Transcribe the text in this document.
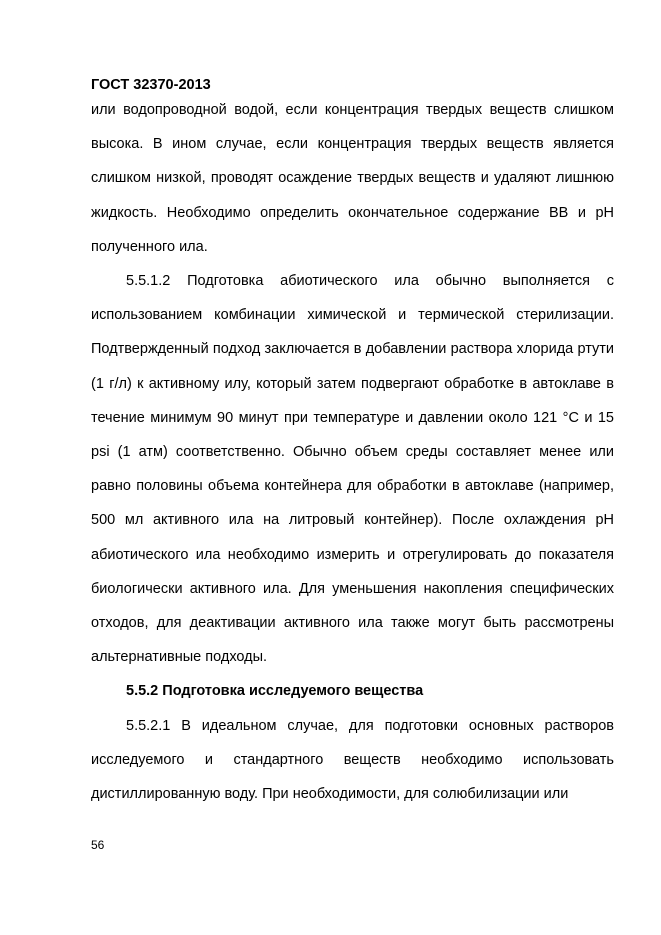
ГОСТ 32370-2013

или водопроводной водой, если концентрация твердых веществ слишком высока. В ином случае, если концентрация твердых веществ является слишком низкой, проводят осаждение твердых веществ и удаляют лишнюю жидкость. Необходимо определить окончательное содержание ВВ и pH полученного ила.

5.5.1.2 Подготовка абиотического ила обычно выполняется с использованием комбинации химической и термической стерилизации. Подтвержденный подход заключается в добавлении раствора хлорида ртути (1 г/л) к активному илу, который затем подвергают обработке в автоклаве в течение минимум 90 минут при температуре и давлении около 121 °С и 15 psi (1 атм) соответственно. Обычно объем среды составляет менее или равно половины объема контейнера для обработки в автоклаве (например, 500 мл активного ила на литровый контейнер). После охлаждения pH абиотического ила необходимо измерить и отрегулировать до показателя биологически активного ила. Для уменьшения накопления специфических отходов, для деактивации активного ила также могут быть рассмотрены альтернативные подходы.

5.5.2 Подготовка исследуемого вещества

5.5.2.1 В идеальном случае, для подготовки основных растворов исследуемого и стандартного веществ необходимо использовать дистиллированную воду. При необходимости, для солюбилизации или

56
